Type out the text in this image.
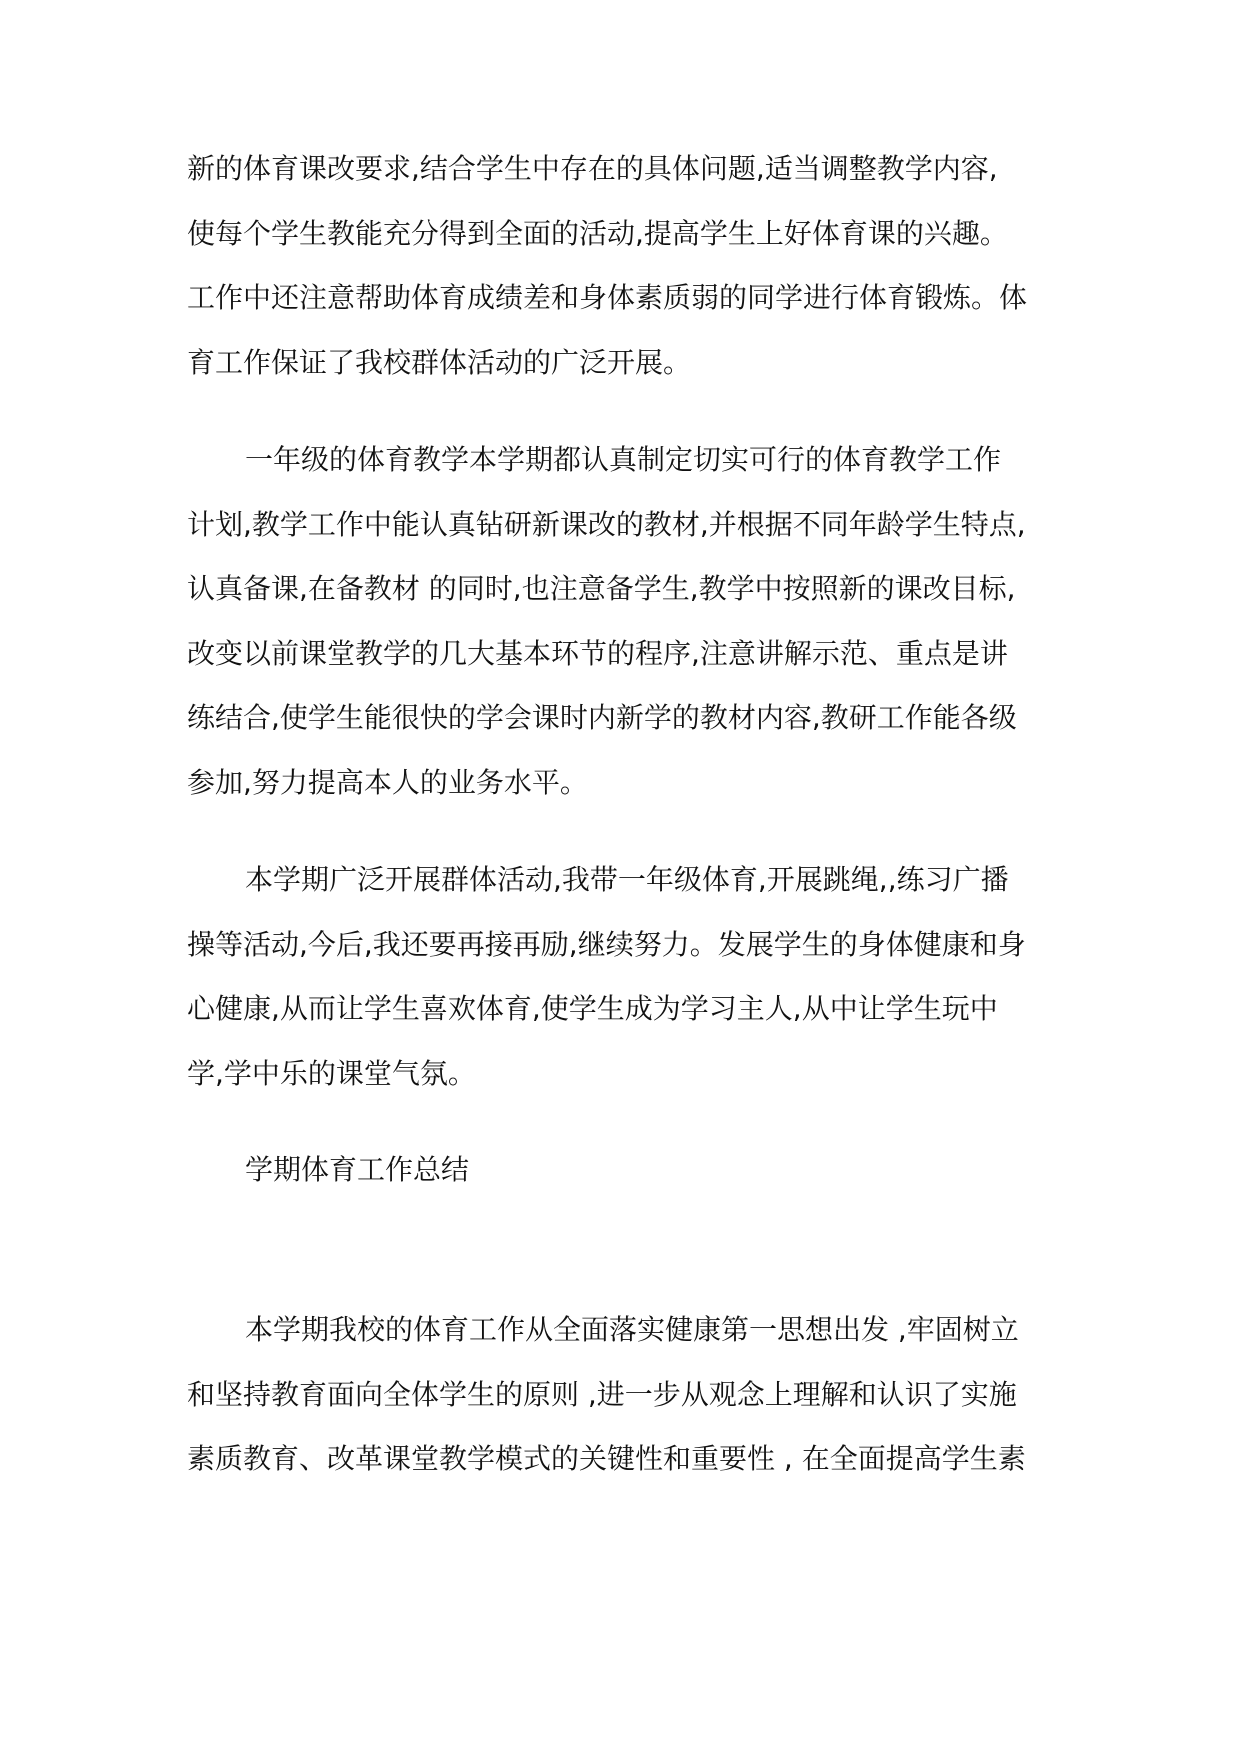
新的体育课改要求,结合学生中存在的具体问题,适当调整教学内容,
使每个学生教能充分得到全面的活动,提高学生上好体育课的兴趣。
工作中还注意帮助体育成绩差和身体素质弱的同学进行体育锻炼。体
育工作保证了我校群体活动的广泛开展。
一年级的体育教学本学期都认真制定切实可行的体育教学工作
计划,教学工作中能认真钻研新课改的教材,并根据不同年龄学生特点,
认真备课,在备教材 的同时,也注意备学生,教学中按照新的课改目标,
改变以前课堂教学的几大基本环节的程序,注意讲解示范、重点是讲
练结合,使学生能很快的学会课时内新学的教材内容,教研工作能各级
参加,努力提高本人的业务水平。
本学期广泛开展群体活动,我带一年级体育,开展跳绳,,练习广播
操等活动,今后,我还要再接再励,继续努力。发展学生的身体健康和身
心健康,从而让学生喜欢体育,使学生成为学习主人,从中让学生玩中
学,学中乐的课堂气氛。
学期体育工作总结
本学期我校的体育工作从全面落实健康第一思想出发 ,牢固树立
和坚持教育面向全体学生的原则 ,进一步从观念上理解和认识了实施
素质教育、改革课堂教学模式的关键性和重要性 , 在全面提高学生素
